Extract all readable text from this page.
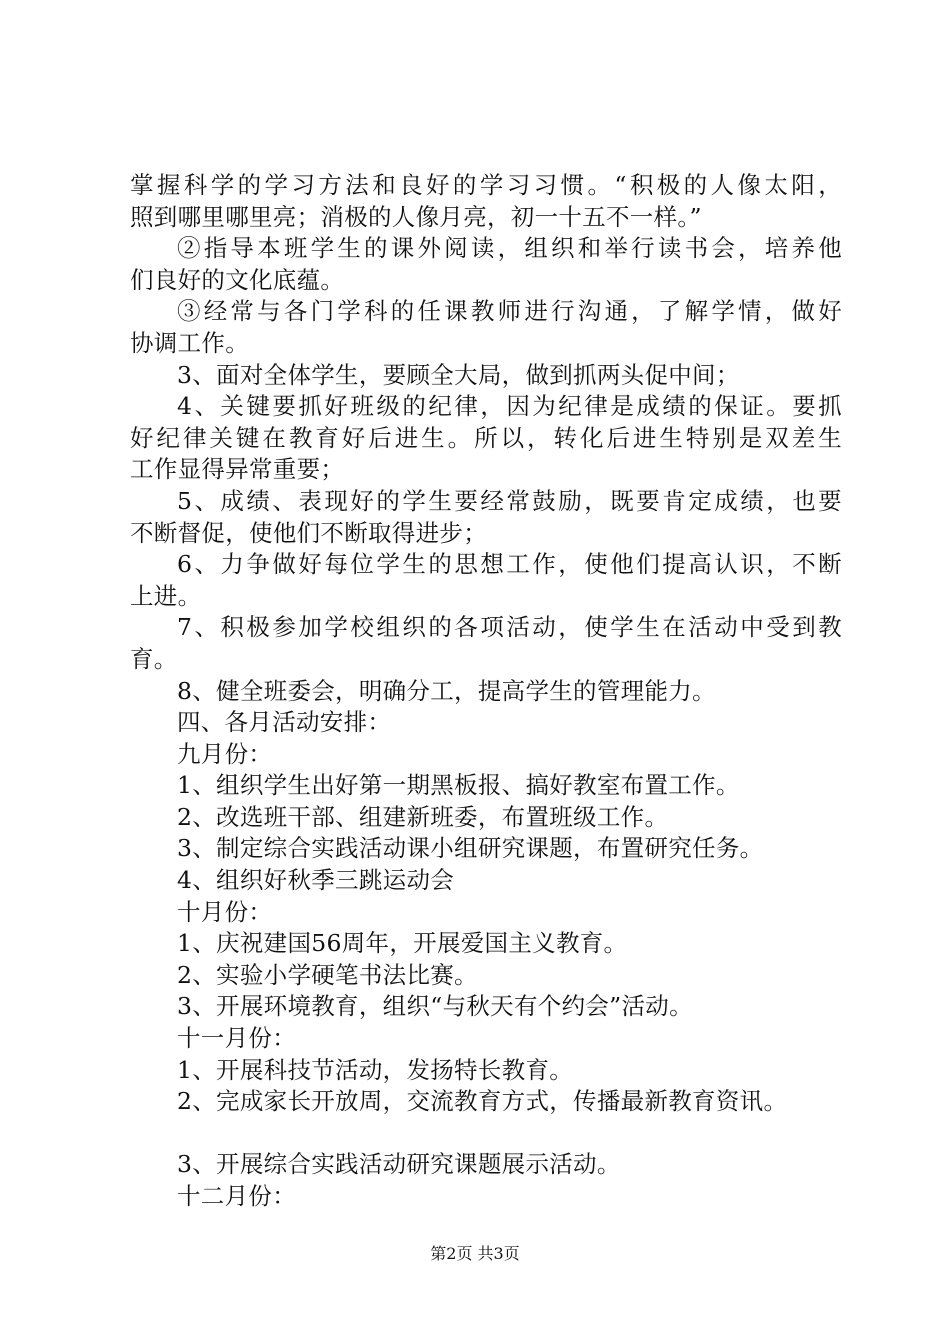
掌握科学的学习方法和良好的学习习惯。“积极的人像太阳，
照到哪里哪里亮；消极的人像月亮，初一十五不一样。”
②指导本班学生的课外阅读，组织和举行读书会，培养他
们良好的文化底蕴。
③经常与各门学科的任课教师进行沟通，了解学情，做好
协调工作。
3、面对全体学生，要顾全大局，做到抓两头促中间；
4、关键要抓好班级的纪律，因为纪律是成绩的保证。要抓
好纪律关键在教育好后进生。所以，转化后进生特别是双差生
工作显得异常重要；
5、成绩、表现好的学生要经常鼓励，既要肯定成绩，也要
不断督促，使他们不断取得进步；
6、力争做好每位学生的思想工作，使他们提高认识，不断
上进。
7、积极参加学校组织的各项活动，使学生在活动中受到教
育。
8、健全班委会，明确分工，提高学生的管理能力。
四、各月活动安排：
九月份：
1、组织学生出好第一期黑板报、搞好教室布置工作。
2、改选班干部、组建新班委，布置班级工作。
3、制定综合实践活动课小组研究课题，布置研究任务。
4、组织好秋季三跳运动会
十月份：
1、庆祝建国56周年，开展爱国主义教育。
2、实验小学硬笔书法比赛。
3、开展环境教育，组织“与秋天有个约会”活动。
十一月份：
1、开展科技节活动，发扬特长教育。
2、完成家长开放周，交流教育方式，传播最新教育资讯。
3、开展综合实践活动研究课题展示活动。
十二月份：
第2页 共3页
